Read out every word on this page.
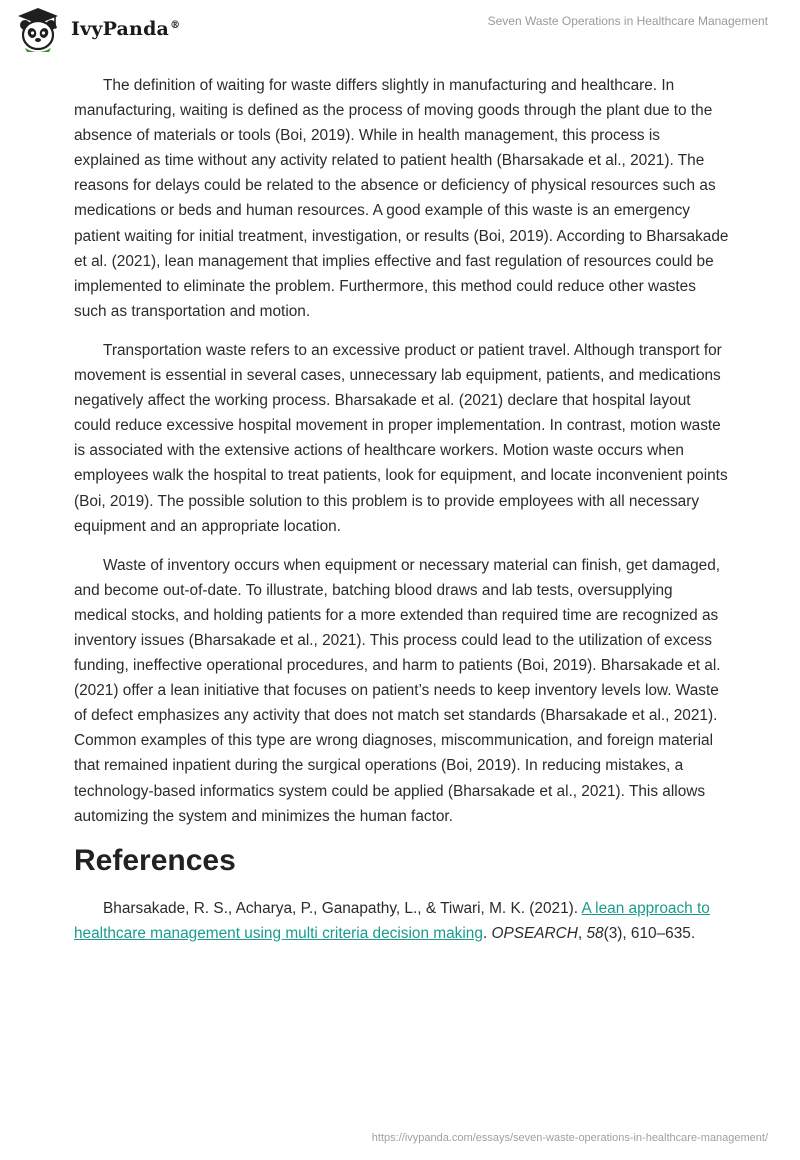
IvyPanda®	Seven Waste Operations in Healthcare Management

The definition of waiting for waste differs slightly in manufacturing and healthcare. In manufacturing, waiting is defined as the process of moving goods through the plant due to the absence of materials or tools (Boi, 2019). While in health management, this process is explained as time without any activity related to patient health (Bharsakade et al., 2021). The reasons for delays could be related to the absence or deficiency of physical resources such as medications or beds and human resources. A good example of this waste is an emergency patient waiting for initial treatment, investigation, or results (Boi, 2019). According to Bharsakade et al. (2021), lean management that implies effective and fast regulation of resources could be implemented to eliminate the problem. Furthermore, this method could reduce other wastes such as transportation and motion.

Transportation waste refers to an excessive product or patient travel. Although transport for movement is essential in several cases, unnecessary lab equipment, patients, and medications negatively affect the working process. Bharsakade et al. (2021) declare that hospital layout could reduce excessive hospital movement in proper implementation. In contrast, motion waste is associated with the extensive actions of healthcare workers. Motion waste occurs when employees walk the hospital to treat patients, look for equipment, and locate inconvenient points (Boi, 2019). The possible solution to this problem is to provide employees with all necessary equipment and an appropriate location.

Waste of inventory occurs when equipment or necessary material can finish, get damaged, and become out-of-date. To illustrate, batching blood draws and lab tests, oversupplying medical stocks, and holding patients for a more extended than required time are recognized as inventory issues (Bharsakade et al., 2021). This process could lead to the utilization of excess funding, ineffective operational procedures, and harm to patients (Boi, 2019). Bharsakade et al. (2021) offer a lean initiative that focuses on patient’s needs to keep inventory levels low. Waste of defect emphasizes any activity that does not match set standards (Bharsakade et al., 2021). Common examples of this type are wrong diagnoses, miscommunication, and foreign material that remained inpatient during the surgical operations (Boi, 2019). In reducing mistakes, a technology-based informatics system could be applied (Bharsakade et al., 2021). This allows automizing the system and minimizes the human factor.

References

Bharsakade, R. S., Acharya, P., Ganapathy, L., & Tiwari, M. K. (2021). A lean approach to healthcare management using multi criteria decision making. OPSEARCH, 58(3), 610–635.

https://ivypanda.com/essays/seven-waste-operations-in-healthcare-management/
